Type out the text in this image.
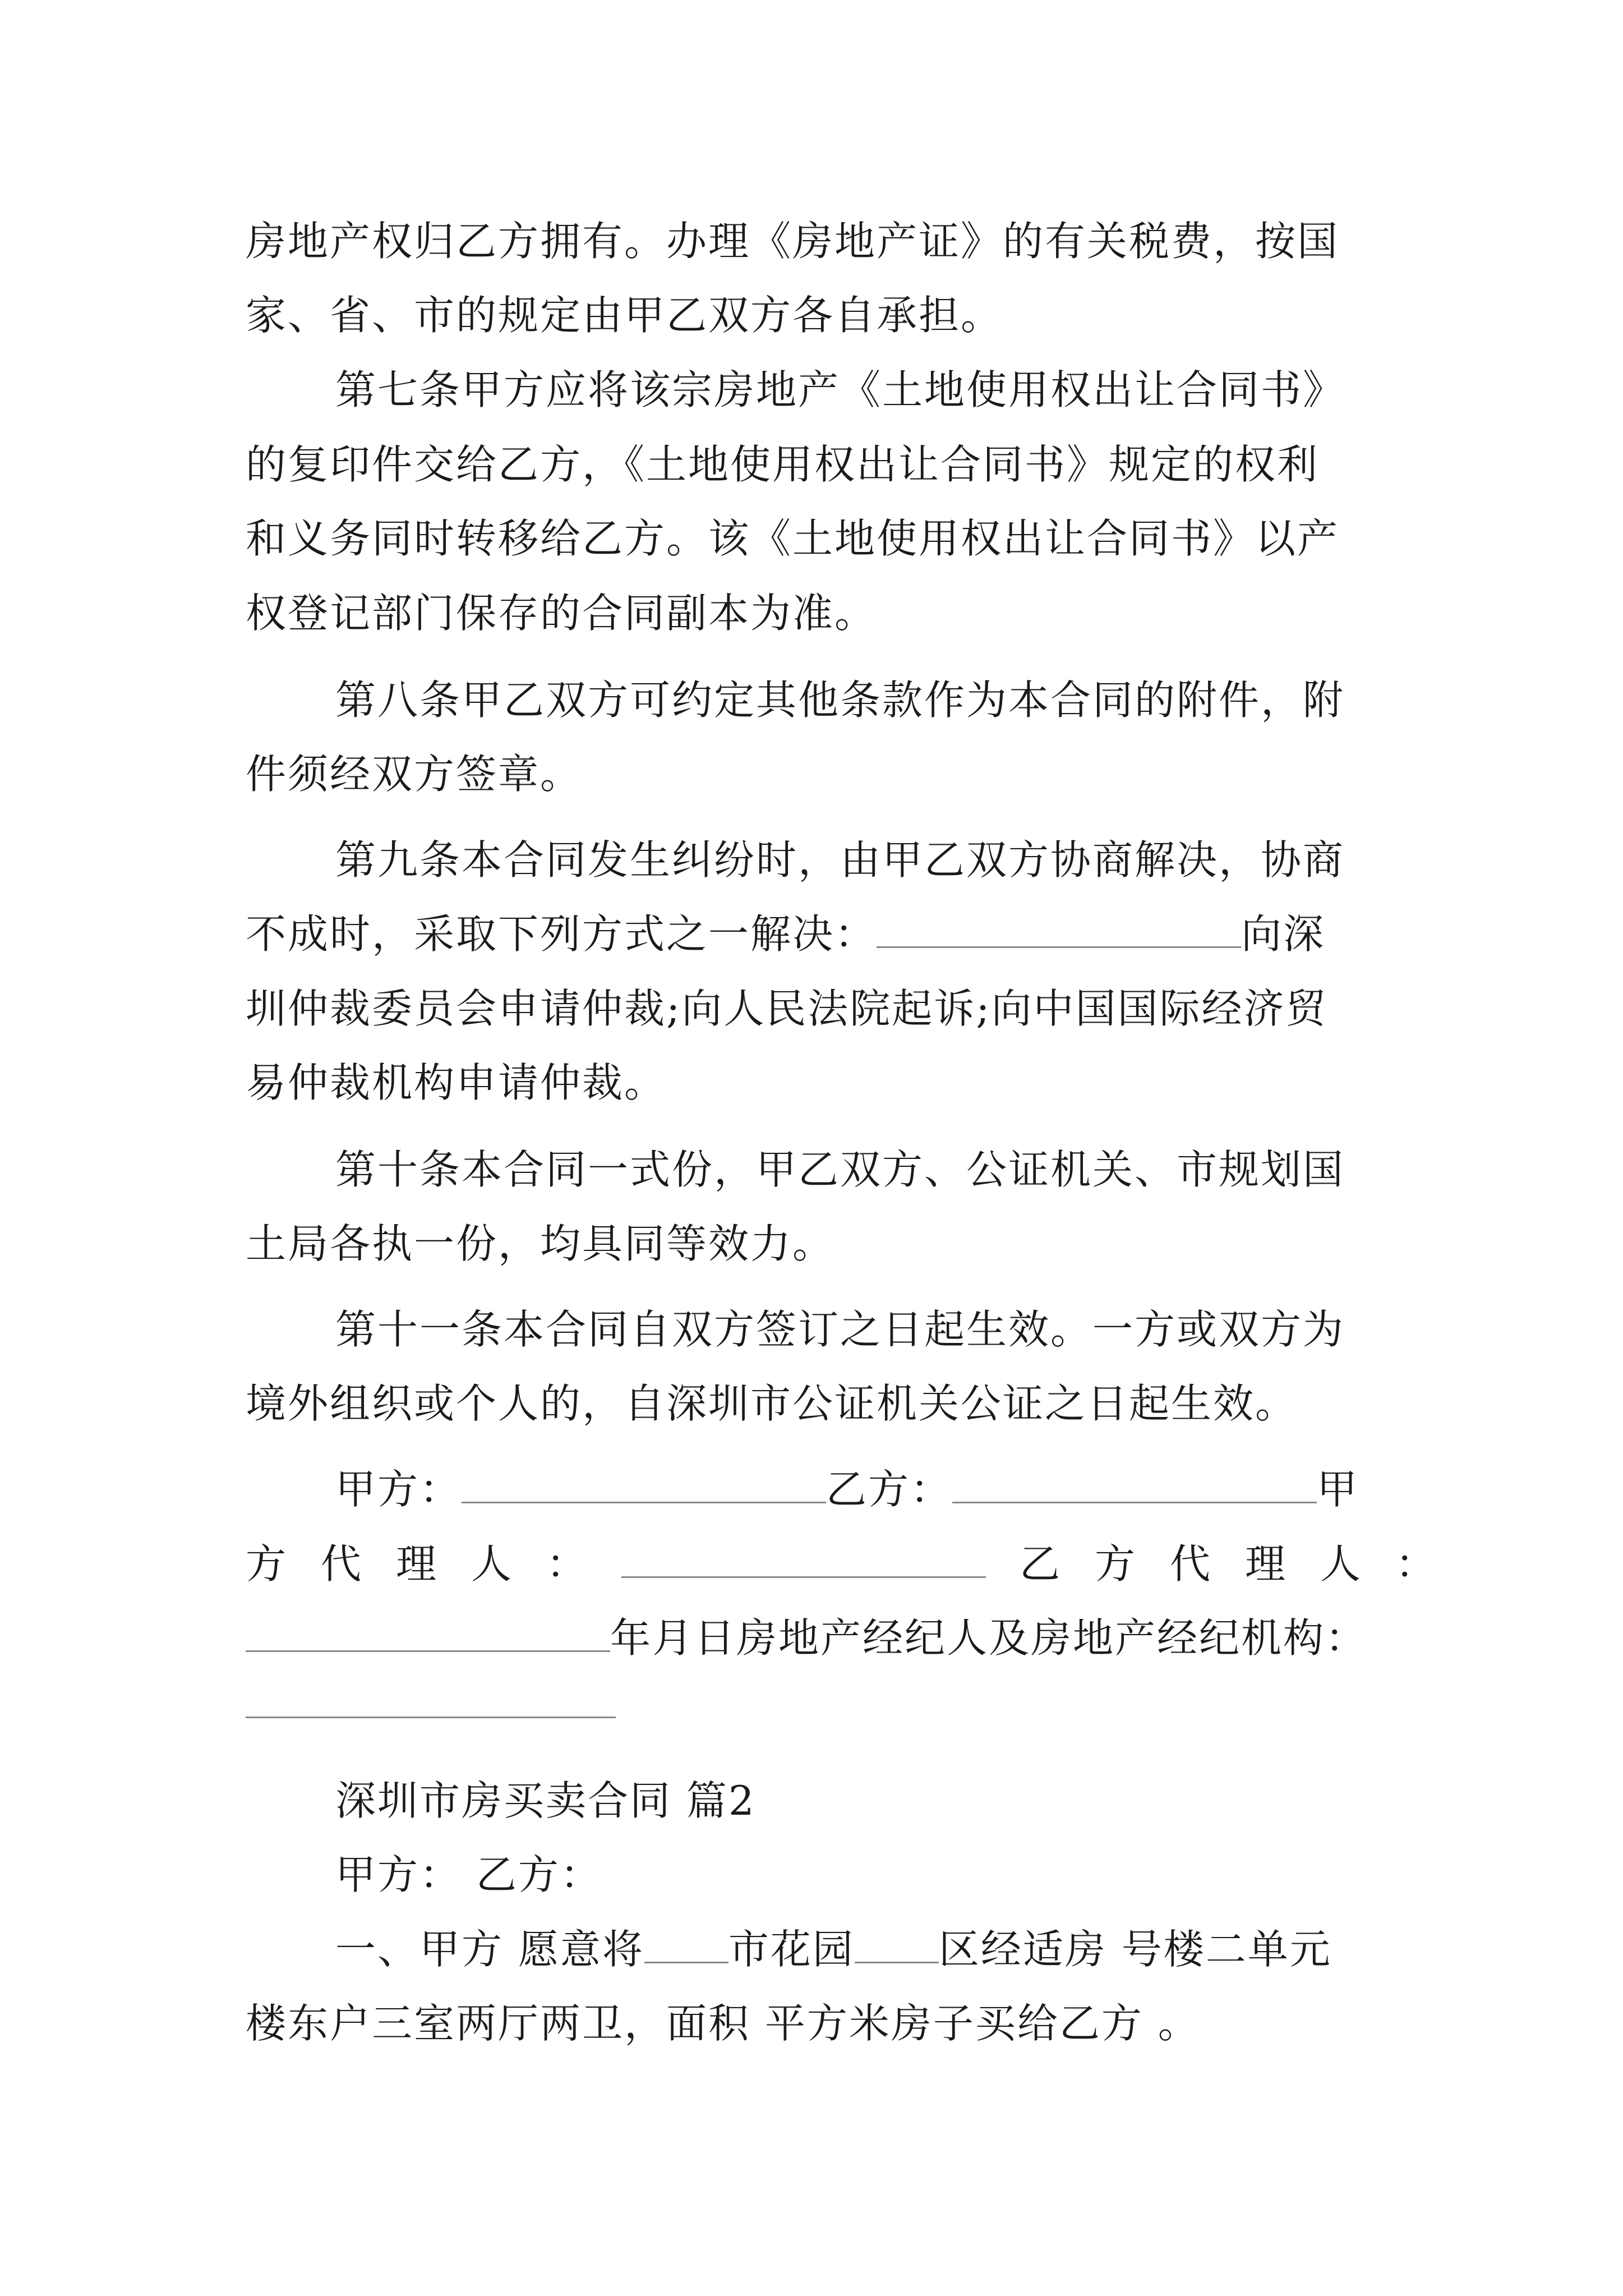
房地产权归乙方拥有。办理《房地产证》的有关税费，按国
家、省、市的规定由甲乙双方各自承担。
第七条甲方应将该宗房地产《土地使用权出让合同书》
的复印件交给乙方，《土地使用权出让合同书》规定的权利
和义务同时转移给乙方。该《土地使用权出让合同书》以产
权登记部门保存的合同副本为准。
第八条甲乙双方可约定其他条款作为本合同的附件，附
件须经双方签章。
第九条本合同发生纠纷时，由甲乙双方协商解决，协商
不成时，采取下列方式之一解决：	向深
圳仲裁委员会申请仲裁;向人民法院起诉;向中国国际经济贸
易仲裁机构申请仲裁。
第十条本合同一式份，甲乙双方、公证机关、市规划国
土局各执一份，均具同等效力。
第十一条本合同自双方签订之日起生效。一方或双方为
境外组织或个人的，自深圳市公证机关公证之日起生效。
甲方：	乙方：	甲
方代理人：	乙方代理人：
年月日房地产经纪人及房地产经纪机构：
深圳市房买卖合同 篇2
甲方： 乙方：
一、甲方 愿意将 市花园 区经适房 号楼二单元
楼东户三室两厅两卫，面积 平方米房子买给乙方 。
